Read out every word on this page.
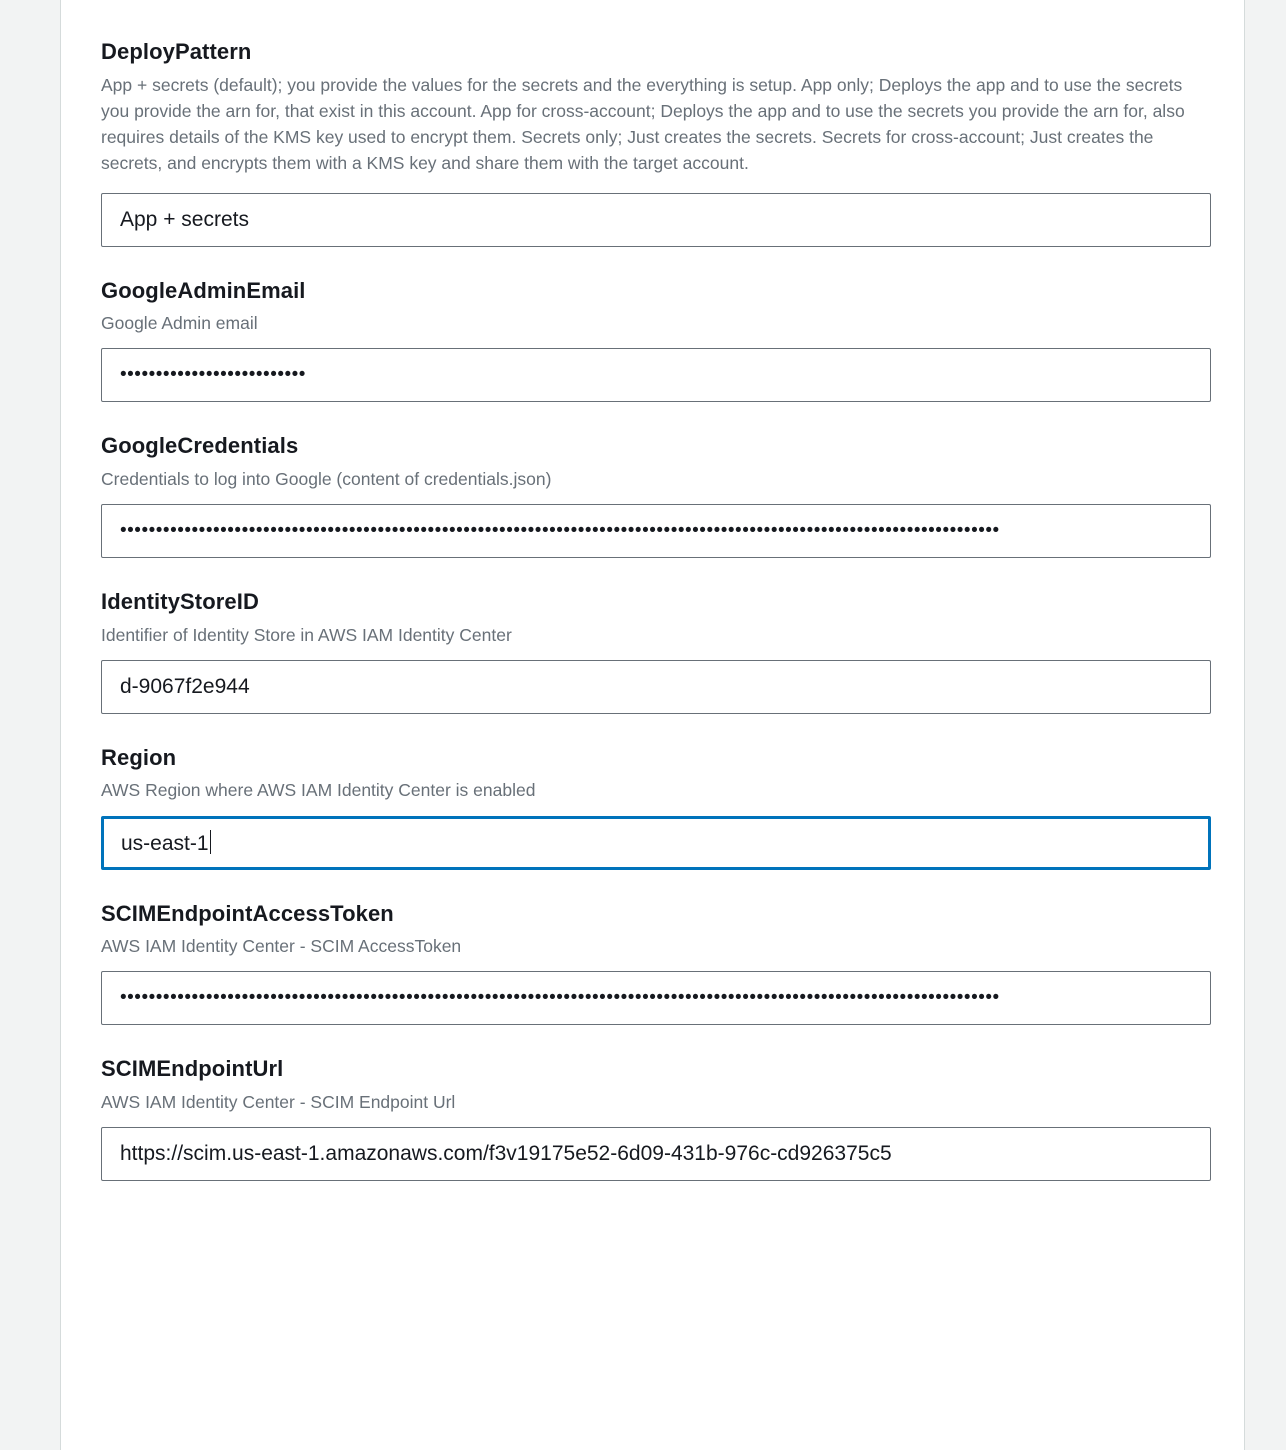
DeployPattern
App + secrets (default); you provide the values for the secrets and the everything is setup. App only; Deploys the app and to use the secrets you provide the arn for, that exist in this account. App for cross-account; Deploys the app and to use the secrets you provide the arn for, also requires details of the KMS key used to encrypt them. Secrets only; Just creates the secrets. Secrets for cross-account; Just creates the secrets, and encrypts them with a KMS key and share them with the target account.
App + secrets
GoogleAdminEmail
Google Admin email
••••••••••••••••••••••••••
GoogleCredentials
Credentials to log into Google (content of credentials.json)
•••••••••••••••••••••••••••••••••••••••••••••••••••••••••••••••••••••••••••••••••••••••••••••••••••••••••••••••••••••••••••
IdentityStoreID
Identifier of Identity Store in AWS IAM Identity Center
d-9067f2e944
Region
AWS Region where AWS IAM Identity Center is enabled
us-east-1
SCIMEndpointAccessToken
AWS IAM Identity Center - SCIM AccessToken
•••••••••••••••••••••••••••••••••••••••••••••••••••••••••••••••••••••••••••••••••••••••••••••••••••••••••••••••••••••••••••
SCIMEndpointUrl
AWS IAM Identity Center - SCIM Endpoint Url
https://scim.us-east-1.amazonaws.com/f3v19175e52-6d09-431b-976c-cd926375c5
